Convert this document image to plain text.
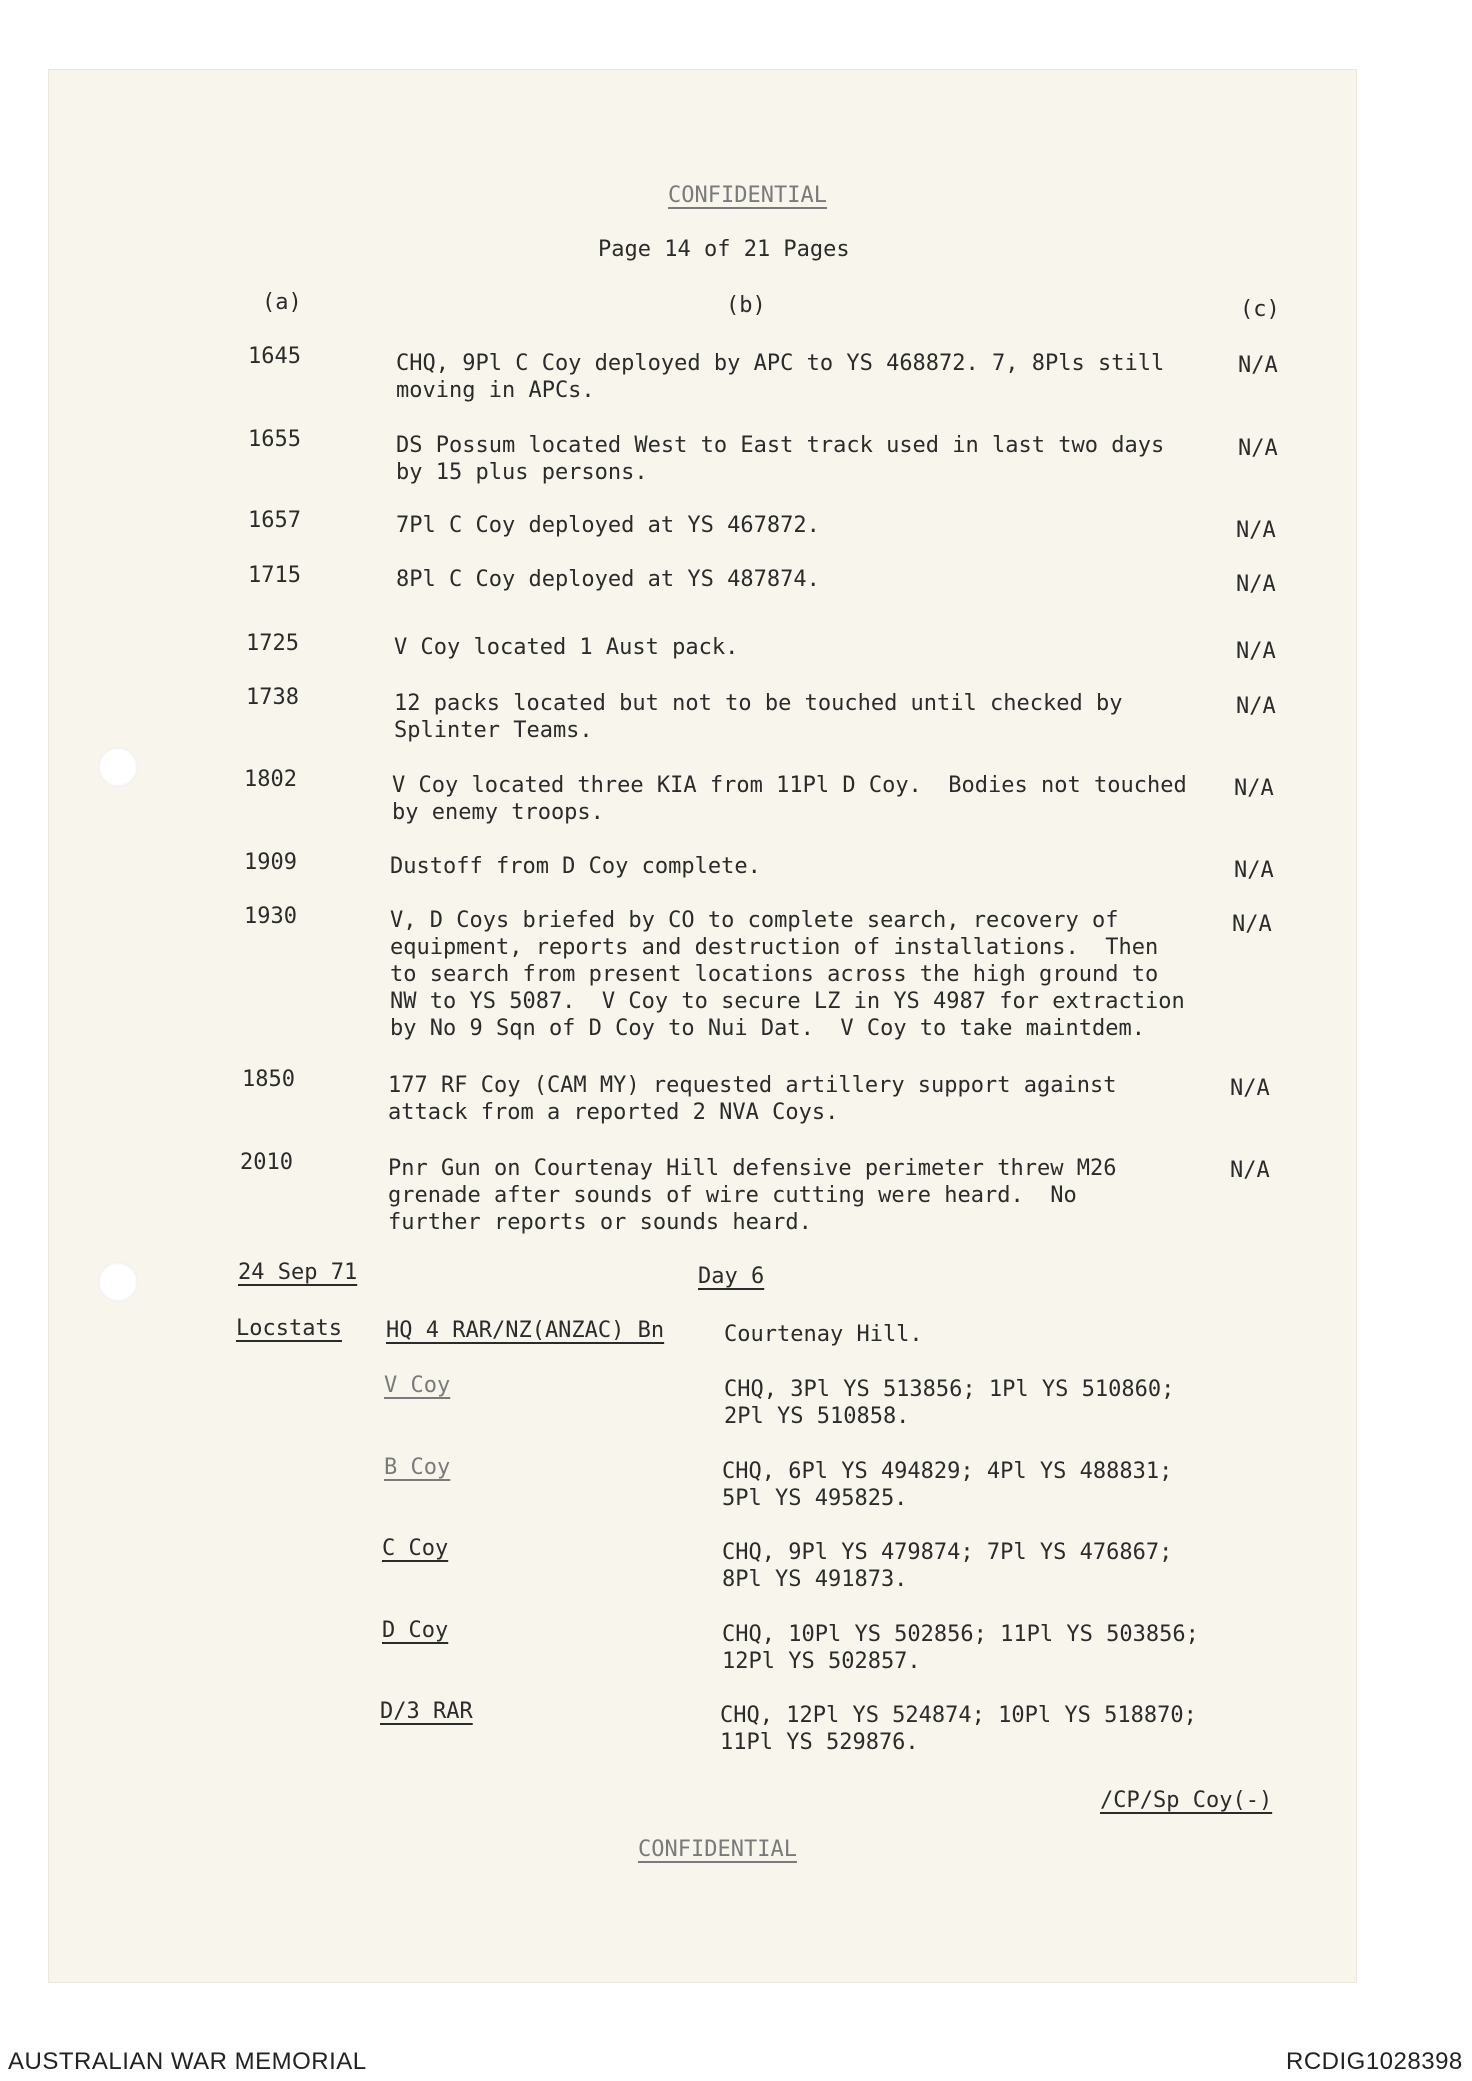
CONFIDENTIAL
Page 14 of 21 Pages
(a)	(b)	(c)
1645	CHQ, 9Pl C Coy deployed by APC to YS 468872. 7, 8Pls still
moving in APCs.
N/A
1655	DS Possum located West to East track used in last two days
by 15 plus persons.
N/A
1657	7Pl C Coy deployed at YS 467872.	N/A
1715	8Pl C Coy deployed at YS 487874.	N/A
1725	V Coy located 1 Aust pack.	N/A
1738	12 packs located but not to be touched until checked by
Splinter Teams.
N/A
1802	V Coy located three KIA from 11Pl D Coy.  Bodies not touched
by enemy troops.
N/A
1909	Dustoff from D Coy complete.	N/A
1930	V, D Coys briefed by CO to complete search, recovery of
equipment, reports and destruction of installations.  Then
to search from present locations across the high ground to
NW to YS 5087.  V Coy to secure LZ in YS 4987 for extraction
by No 9 Sqn of D Coy to Nui Dat.  V Coy to take maintdem.
N/A
1850	177 RF Coy (CAM MY) requested artillery support against
attack from a reported 2 NVA Coys.
N/A
2010	Pnr Gun on Courtenay Hill defensive perimeter threw M26
grenade after sounds of wire cutting were heard.  No
further reports or sounds heard.
N/A
24 Sep 71	Day 6
Locstats HQ 4 RAR/NZ(ANZAC) Bn	Courtenay Hill.
V Coy	CHQ, 3Pl YS 513856; 1Pl YS 510860;
2Pl YS 510858.
B Coy	CHQ, 6Pl YS 494829; 4Pl YS 488831;
5Pl YS 495825.
C Coy	CHQ, 9Pl YS 479874; 7Pl YS 476867;
8Pl YS 491873.
D Coy	CHQ, 10Pl YS 502856; 11Pl YS 503856;
12Pl YS 502857.
D/3 RAR	CHQ, 12Pl YS 524874; 10Pl YS 518870;
11Pl YS 529876.
/CP/Sp Coy(-)
CONFIDENTIAL
AUSTRALIAN WAR MEMORIAL	RCDIG1028398
